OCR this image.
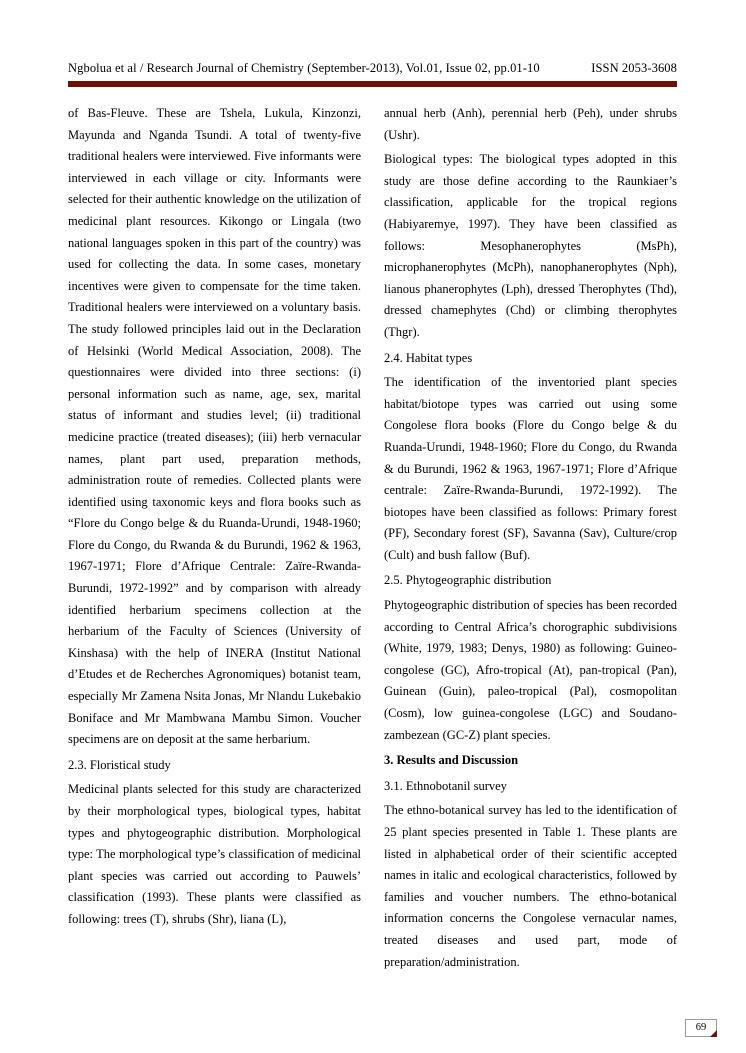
Ngbolua et al / Research Journal of Chemistry (September-2013), Vol.01, Issue 02, pp.01-10	ISSN 2053-3608

of Bas-Fleuve. These are Tshela, Lukula, Kinzonzi, Mayunda and Nganda Tsundi. A total of twenty-five traditional healers were interviewed. Five informants were interviewed in each village or city. Informants were selected for their authentic knowledge on the utilization of medicinal plant resources. Kikongo or Lingala (two national languages spoken in this part of the country) was used for collecting the data. In some cases, monetary incentives were given to compensate for the time taken. Traditional healers were interviewed on a voluntary basis. The study followed principles laid out in the Declaration of Helsinki (World Medical Association, 2008). The questionnaires were divided into three sections: (i) personal information such as name, age, sex, marital status of informant and studies level; (ii) traditional medicine practice (treated diseases); (iii) herb vernacular names, plant part used, preparation methods, administration route of remedies. Collected plants were identified using taxonomic keys and flora books such as “Flore du Congo belge & du Ruanda-Urundi, 1948-1960; Flore du Congo, du Rwanda & du Burundi, 1962 & 1963, 1967-1971; Flore d’Afrique Centrale: Zaïre-Rwanda-Burundi, 1972-1992” and by comparison with already identified herbarium specimens collection at the herbarium of the Faculty of Sciences (University of Kinshasa) with the help of INERA (Institut National d’Etudes et de Recherches Agronomiques) botanist team, especially Mr Zamena Nsita Jonas, Mr Nlandu Lukebakio Boniface and Mr Mambwana Mambu Simon. Voucher specimens are on deposit at the same herbarium.

2.3. Floristical study

Medicinal plants selected for this study are characterized by their morphological types, biological types, habitat types and phytogeographic distribution. Morphological type: The morphological type’s classification of medicinal plant species was carried out according to Pauwels’ classification (1993). These plants were classified as following: trees (T), shrubs (Shr), liana (L),

annual herb (Anh), perennial herb (Peh), under shrubs (Ushr).

Biological types: The biological types adopted in this study are those define according to the Raunkiaer’s classification, applicable for the tropical regions (Habiyaremye, 1997). They have been classified as follows: Mesophanerophytes (MsPh), microphanerophytes (McPh), nanophanerophytes (Nph), lianous phanerophytes (Lph), dressed Therophytes (Thd), dressed chamephytes (Chd) or climbing therophytes (Thgr).

2.4. Habitat types

The identification of the inventoried plant species habitat/biotope types was carried out using some Congolese flora books (Flore du Congo belge & du Ruanda-Urundi, 1948-1960; Flore du Congo, du Rwanda & du Burundi, 1962 & 1963, 1967-1971; Flore d’Afrique centrale: Zaïre-Rwanda-Burundi, 1972-1992). The biotopes have been classified as follows: Primary forest (PF), Secondary forest (SF), Savanna (Sav), Culture/crop (Cult) and bush fallow (Buf).

2.5. Phytogeographic distribution

Phytogeographic distribution of species has been recorded according to Central Africa’s chorographic subdivisions (White, 1979, 1983; Denys, 1980) as following: Guineo-congolese (GC), Afro-tropical (At), pan-tropical (Pan), Guinean (Guin), paleo-tropical (Pal), cosmopolitan (Cosm), low guinea-congolese (LGC) and Soudano-zambezean (GC-Z) plant species.

3. Results and Discussion

3.1. Ethnobotanil survey

The ethno-botanical survey has led to the identification of 25 plant species presented in Table 1. These plants are listed in alphabetical order of their scientific accepted names in italic and ecological characteristics, followed by families and voucher numbers. The ethno-botanical information concerns the Congolese vernacular names, treated diseases and used part, mode of preparation/administration.

69
